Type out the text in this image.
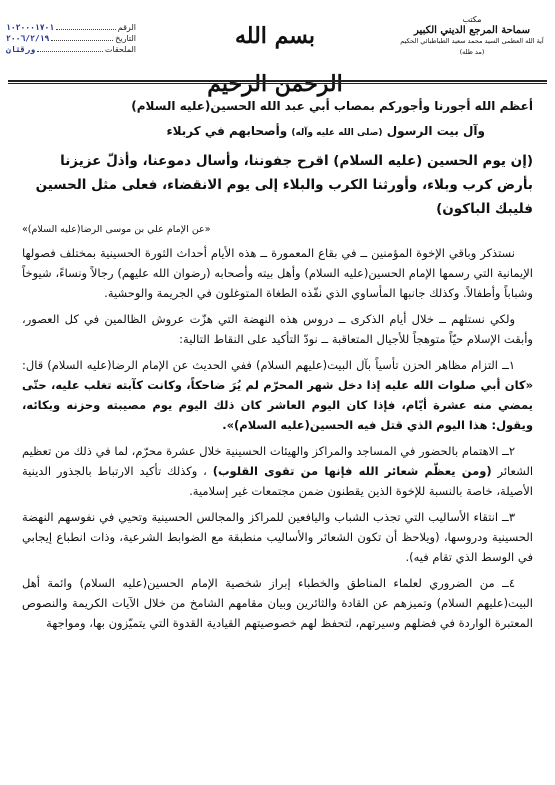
الرقم
١٠٢٠٠٠١٧٠١
التاريخ
٢٠٠٦/٢/١٩
الملحقات
ورقتان
بسم الله الرحمن الرحيم
مكتب
سماحة المرجع الديني الكبير
آية الله العظمى السيد محمد سعيد الطباطبائي الحكيم
(مد ظله)

أعظم الله أجورنا وأجوركم بمصاب أبي عبد الله الحسين(عليه السلام)

وآل بيت الرسول (صلى الله عليه وآله) وأصحابهم في كربلاء

(إن يوم الحسين (عليه السلام) اقرح جفوننا، وأسال دموعنا، وأذلّ عزيزنا بأرض كرب وبلاء، وأورثنا الكرب والبلاء إلى يوم الانقضاء، فعلى مثل الحسين فليبك الباكون)

«عن الإمام علي بن موسى الرضا(عليه السلام)»

نستذكر وباقي الإخوة المؤمنين ــ في بقاع المعمورة ــ هذه الأيام أحداث الثورة الحسينية بمختلف فصولها الإيمانية التي رسمها الإمام الحسين(عليه السلام) وأهل بيته وأصحابه (رضوان الله عليهم) رجالاً ونساءً، شيوخاً وشباباً وأطفالاً. وكذلك جانبها المأساوي الذي نفّذه الطغاة المتوغلون في الجريمة والوحشية.

ولكي نستلهم ــ خلال أيام الذكرى ــ دروس هذه النهضة التي هزّت عروش الظالمين في كل العصور، وأبقت الإسلام حيّاً متوهجاً للأجيال المتعاقبة ــ نودّ التأكيد على النقاط التالية:

١ــ التزام مظاهر الحزن تأسياً بآل البيت(عليهم السلام) ففي الحديث عن الإمام الرضا(عليه السلام) قال: «كان أبي صلوات الله عليه إذا دخل شهر المحرّم لم يُرَ ضاحكاً، وكانت كآبته تغلب عليه، حتّى يمضي منه عشرة أيّام، فإذا كان اليوم العاشر كان ذلك اليوم يوم مصيبته وحزنه وبكائه، ويقول: هذا اليوم الذي قتل فيه الحسين(عليه السلام)».

٢ــ الاهتمام بالحضور في المساجد والمراكز والهيئات الحسينية خلال عشرة محرّم، لما في ذلك من تعظيم الشعائر (ومن يعظّم شعائر الله فإنها من تقوى القلوب) ، وكذلك تأكيد الارتباط بالجذور الدينية الأصيلة، خاصة بالنسبة للإخوة الذين يقطنون ضمن مجتمعات غير إسلامية.

٣ــ انتقاء الأساليب التي تجذب الشباب واليافعين للمراكز والمجالس الحسينية وتحيي في نفوسهم النهضة الحسينية ودروسها، (ويلاحظ أن تكون الشعائر والأساليب منطبقة مع الضوابط الشرعية، وذات انطباع إيجابي في الوسط الذي تقام فيه).

٤ــ من الضروري لعلماء المناطق والخطباء إبراز شخصية الإمام الحسين(عليه السلام) وائمة أهل البيت(عليهم السلام) وتميزهم عن القادة والثائرين وبيان مقامهم الشامخ من خلال الآيات الكريمة والنصوص المعتبرة الواردة في فضلهم وسيرتهم، لتحفظ لهم خصوصيتهم القيادية القدوة التي يتميّزون بها، ومواجهة
